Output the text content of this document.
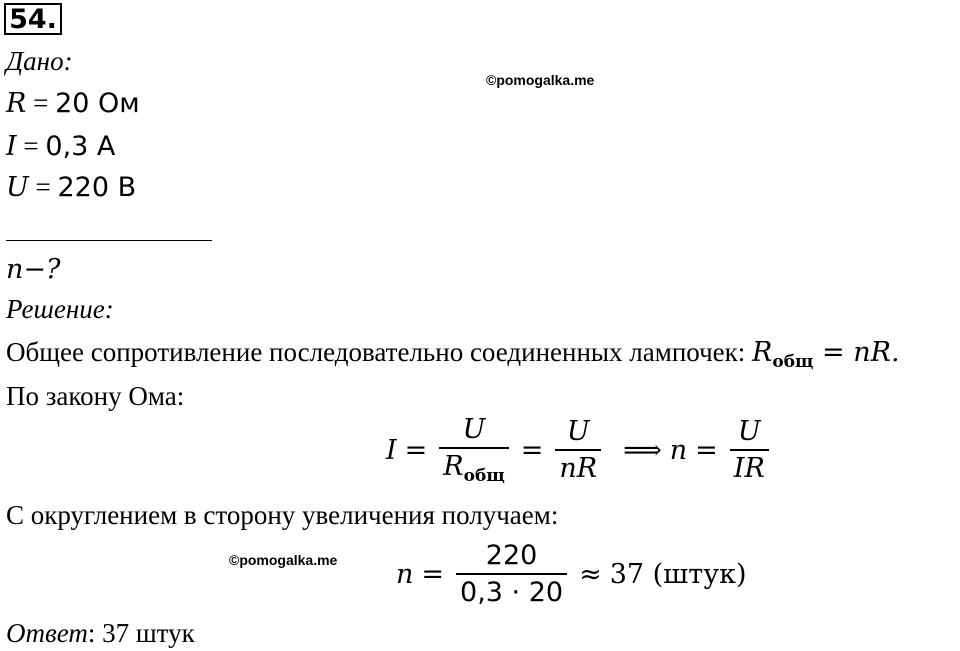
54.
Дано:
©pomogalka.me
R = 20 Ом
I = 0,3 А
U = 220 В
n−?
Решение:
Общее сопротивление последовательно соединенных лампочек: $R_{общ}$ = nR.
По закону Ома:
$I = \frac{U}{R_{общ}} = \frac{U}{nR}$ ⟹ $n = \frac{U}{IR}$
С округлением в сторону увеличения получаем:
©pomogalka.me $n = \frac{220}{0,3 \cdot 20} \approx 37$ (штук)
Ответ: 37 штук
